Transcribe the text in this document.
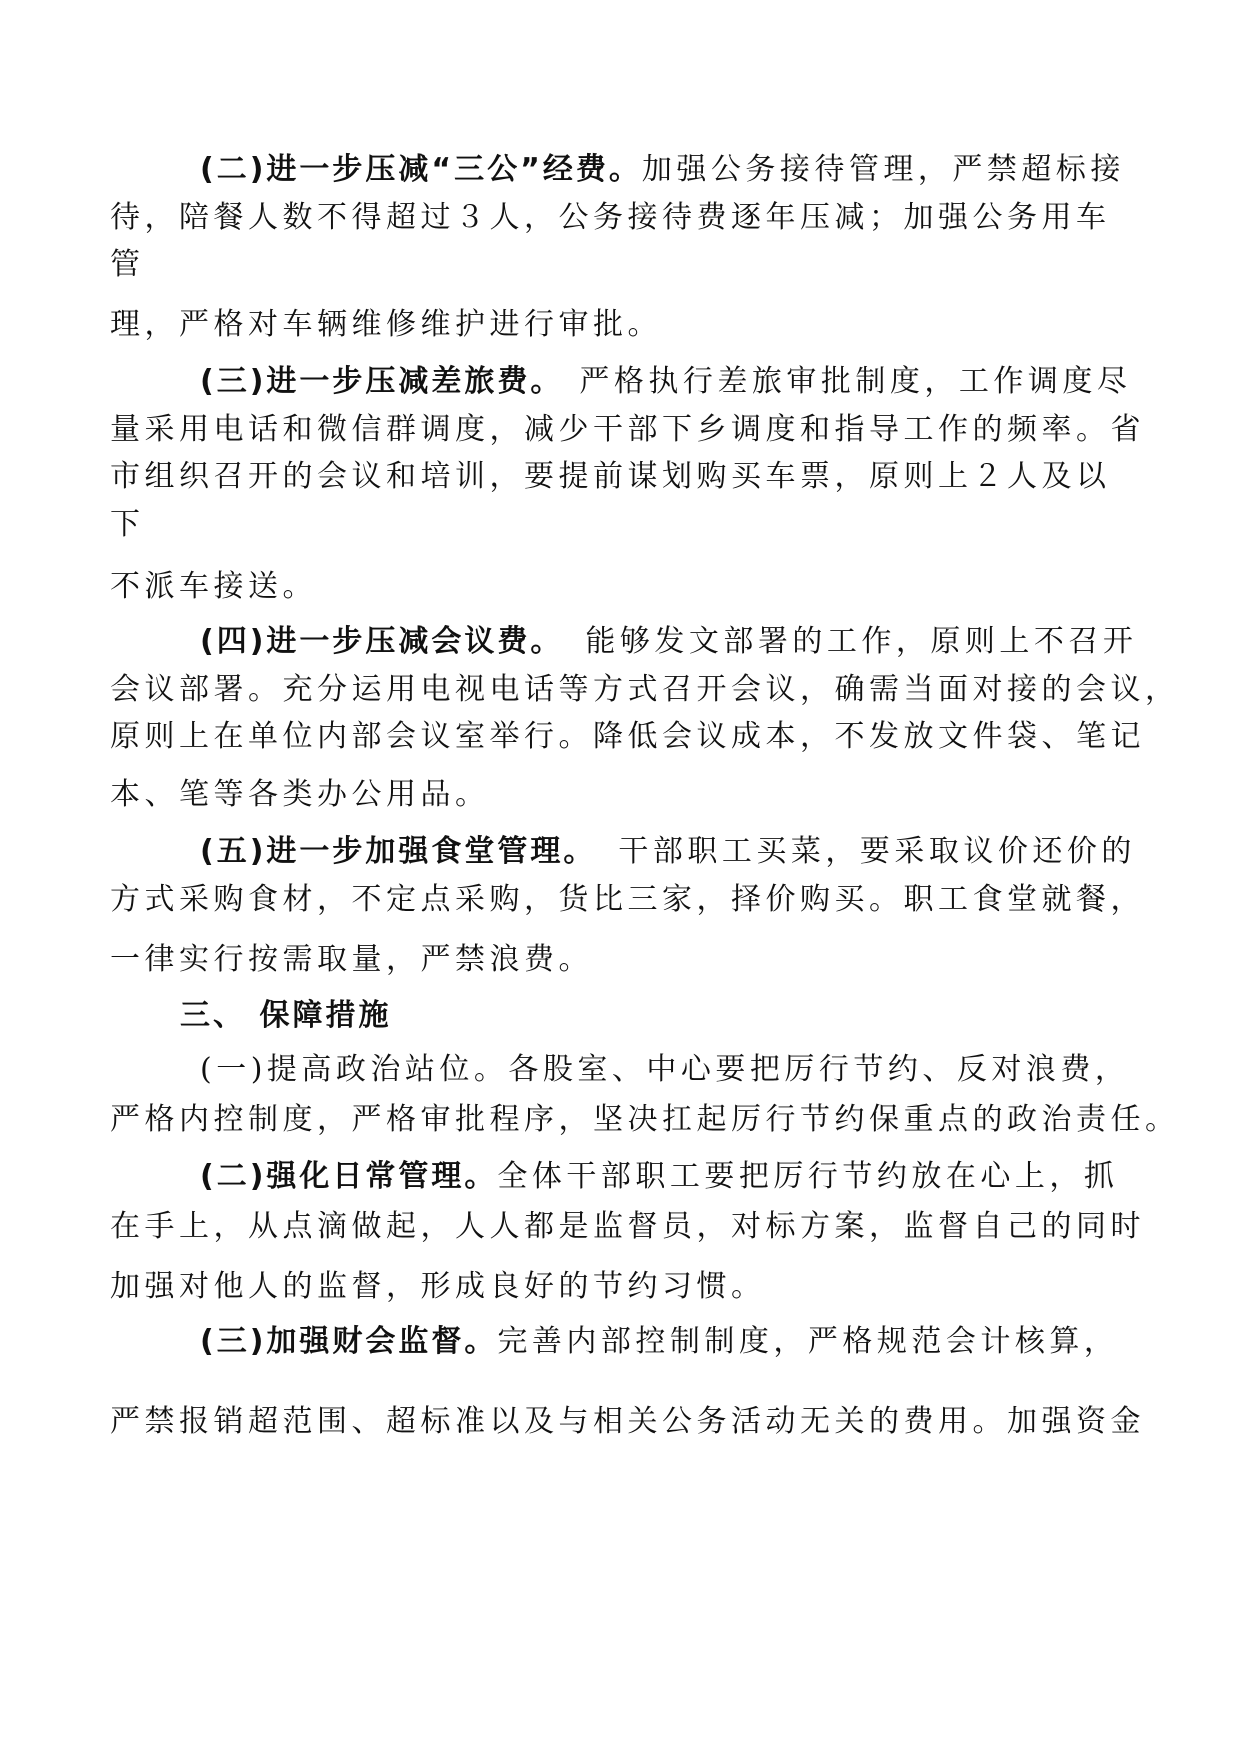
(二)进一步压减“三公”经费。加强公务接待管理，严禁超标接
待，陪餐人数不得超过３人，公务接待费逐年压减；加强公务用车
管
理，严格对车辆维修维护进行审批。
(三)进一步压减差旅费。 严格执行差旅审批制度，工作调度尽
量采用电话和微信群调度，减少干部下乡调度和指导工作的频率。省
市组织召开的会议和培训，要提前谋划购买车票，原则上２人及以
下
不派车接送。
(四)进一步压减会议费。 能够发文部署的工作，原则上不召开
会议部署。充分运用电视电话等方式召开会议，确需当面对接的会议，
原则上在单位内部会议室举行。降低会议成本，不发放文件袋、笔记
本、笔等各类办公用品。
(五)进一步加强食堂管理。 干部职工买菜，要采取议价还价的
方式采购食材，不定点采购，货比三家，择价购买。职工食堂就餐，
一律实行按需取量，严禁浪费。
三、 保障措施
(一)提高政治站位。各股室、中心要把厉行节约、反对浪费，
严格内控制度，严格审批程序，坚决扛起厉行节约保重点的政治责任。
(二)强化日常管理。全体干部职工要把厉行节约放在心上，抓
在手上，从点滴做起，人人都是监督员，对标方案，监督自己的同时
加强对他人的监督，形成良好的节约习惯。
(三)加强财会监督。完善内部控制制度，严格规范会计核算，
严禁报销超范围、超标准以及与相关公务活动无关的费用。加强资金
